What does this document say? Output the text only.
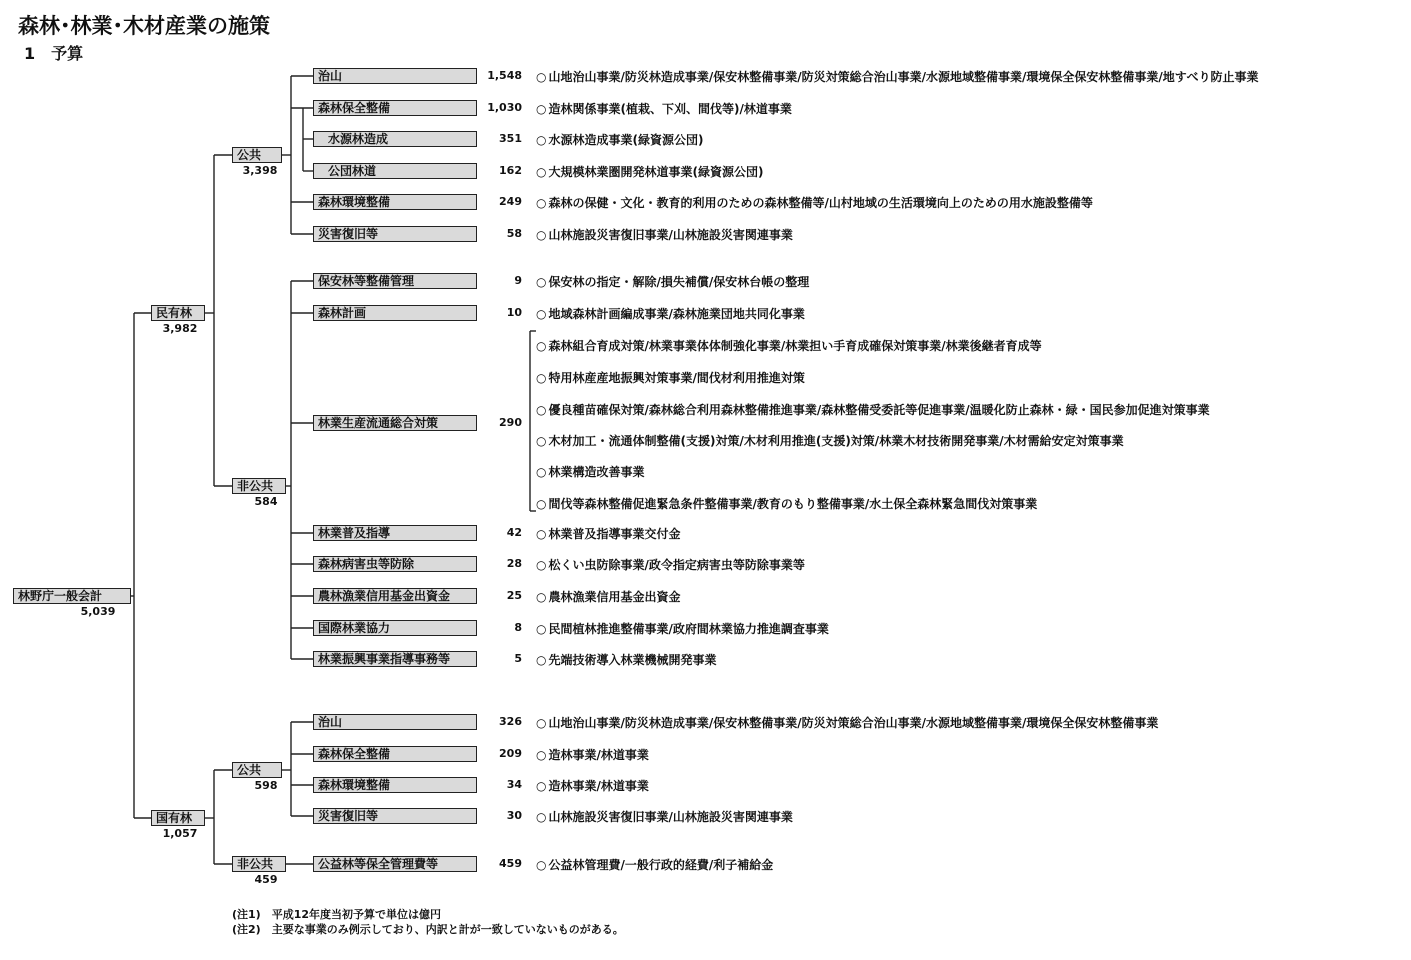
森林･林業･木材産業の施策
1　予算
林野庁一般会計
5,039
民有林
3,982
公共
3,398
非公共
584
国有林
1,057
公共
598
非公共
459
治山	1,548 ○ 山地治山事業/防災林造成事業/保安林整備事業/防災対策総合治山事業/水源地域整備事業/環境保全保安林整備事業/地すべり防止事業
森林保全整備	1,030 ○ 造林関係事業(植栽、下刈、間伐等)/林道事業
水源林造成	351 ○ 水源林造成事業(緑資源公団)
公団林道	162 ○ 大規模林業圏開発林道事業(緑資源公団)
森林環境整備	249 ○ 森林の保健・文化・教育的利用のための森林整備等/山村地域の生活環境向上のための用水施設整備等
災害復旧等	58 ○ 山林施設災害復旧事業/山林施設災害関連事業
保安林等整備管理	9 ○ 保安林の指定・解除/損失補償/保安林台帳の整理
森林計画	10 ○ 地域森林計画編成事業/森林施業団地共同化事業
林業生産流通総合対策	290
○ 森林組合育成対策/林業事業体体制強化事業/林業担い手育成確保対策事業/林業後継者育成等
○ 特用林産産地振興対策事業/間伐材利用推進対策
○ 優良種苗確保対策/森林総合利用森林整備推進事業/森林整備受委託等促進事業/温暖化防止森林・緑・国民参加促進対策事業
○ 木材加工・流通体制整備(支援)対策/木材利用推進(支援)対策/林業木材技術開発事業/木材需給安定対策事業
○ 林業構造改善事業
○ 間伐等森林整備促進緊急条件整備事業/教育のもり整備事業/水土保全森林緊急間伐対策事業
林業普及指導	42 ○ 林業普及指導事業交付金
森林病害虫等防除	28 ○ 松くい虫防除事業/政令指定病害虫等防除事業等
農林漁業信用基金出資金	25 ○ 農林漁業信用基金出資金
国際林業協力	8 ○ 民間植林推進整備事業/政府間林業協力推進調査事業
林業振興事業指導事務等	5 ○ 先端技術導入林業機械開発事業
治山	326 ○ 山地治山事業/防災林造成事業/保安林整備事業/防災対策総合治山事業/水源地域整備事業/環境保全保安林整備事業
森林保全整備	209 ○ 造林事業/林道事業
森林環境整備	34 ○ 造林事業/林道事業
災害復旧等	30 ○ 山林施設災害復旧事業/山林施設災害関連事業
公益林等保全管理費等	459 ○ 公益林管理費/一般行政的経費/利子補給金
(注1)　平成12年度当初予算で単位は億円
(注2)　主要な事業のみ例示しており、内訳と計が一致していないものがある。
